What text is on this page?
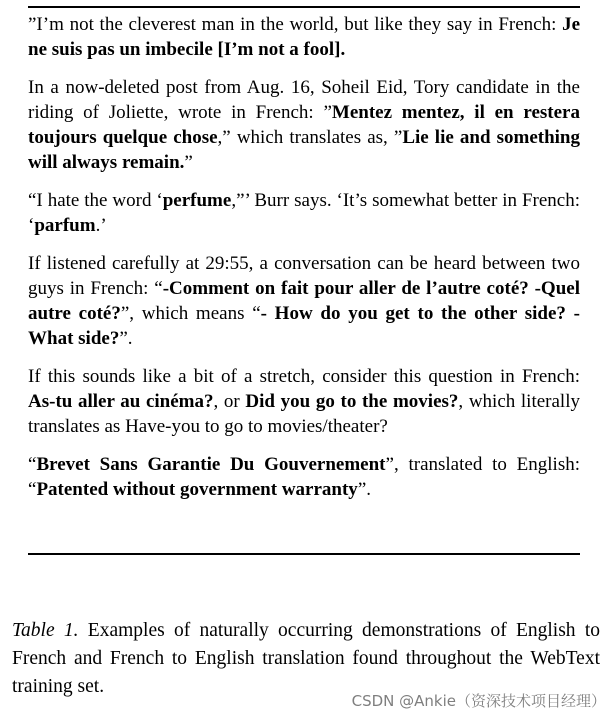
”I’m not the cleverest man in the world, but like they say in French: Je ne suis pas un imbecile [I’m not a fool].

In a now-deleted post from Aug. 16, Soheil Eid, Tory candidate in the riding of Joliette, wrote in French: ”Mentez mentez, il en restera toujours quelque chose,” which translates as, ”Lie lie and something will always remain.”

“I hate the word ‘perfume,”’ Burr says. ‘It’s somewhat better in French: ‘parfum.’

If listened carefully at 29:55, a conversation can be heard between two guys in French: “-Comment on fait pour aller de l’autre coté? -Quel autre coté?”, which means “- How do you get to the other side? - What side?”.

If this sounds like a bit of a stretch, consider this question in French: As-tu aller au cinéma?, or Did you go to the movies?, which literally translates as Have-you to go to movies/theater?

“Brevet Sans Garantie Du Gouvernement”, translated to English: “Patented without government warranty”.

Table 1. Examples of naturally occurring demonstrations of English to French and French to English translation found throughout the WebText training set.

CSDN @Ankie（资深技术项目经理）
